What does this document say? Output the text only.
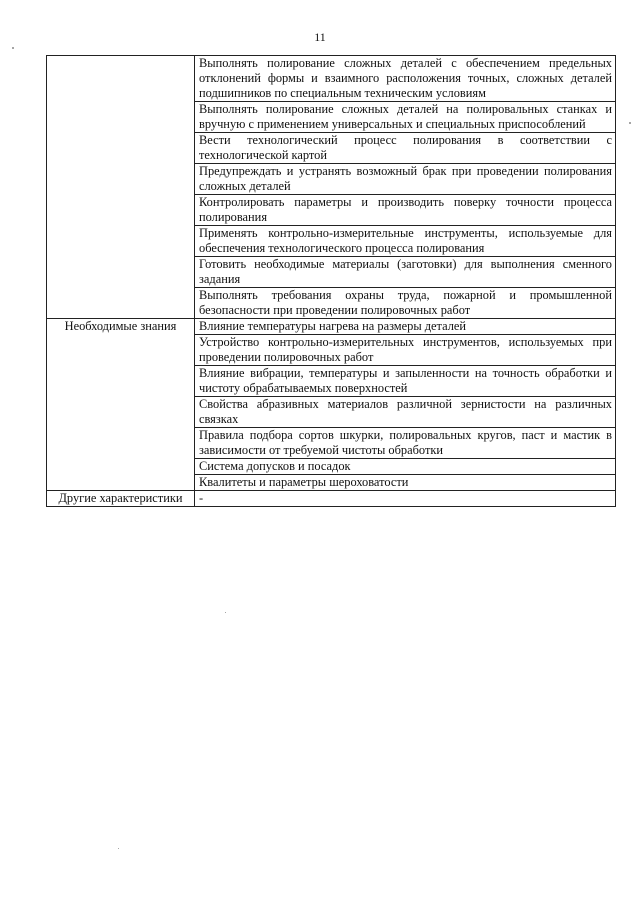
11
	Выполнять полирование сложных деталей с обеспечением предельных отклонений формы и взаимного расположения точных, сложных деталей подшипников по специальным техническим условиям
	Выполнять полирование сложных деталей на полировальных станках и вручную с применением универсальных и специальных приспособлений
	Вести технологический процесс полирования в соответствии с технологической картой
	Предупреждать и устранять возможный брак при проведении полирования сложных деталей
	Контролировать параметры и производить поверку точности процесса полирования
	Применять контрольно-измерительные инструменты, используемые для обеспечения технологического процесса полирования
	Готовить необходимые материалы (заготовки) для выполнения сменного задания
	Выполнять требования охраны труда, пожарной и промышленной безопасности при проведении полировочных работ
Необходимые знания	Влияние температуры нагрева на размеры деталей
	Устройство контрольно-измерительных инструментов, используемых при проведении полировочных работ
	Влияние вибрации, температуры и запыленности на точность обработки и чистоту обрабатываемых поверхностей
	Свойства абразивных материалов различной зернистости на различных связках
	Правила подбора сортов шкурки, полировальных кругов, паст и мастик в зависимости от требуемой чистоты обработки
	Система допусков и посадок
	Квалитеты и параметры шероховатости
Другие характеристики	-
